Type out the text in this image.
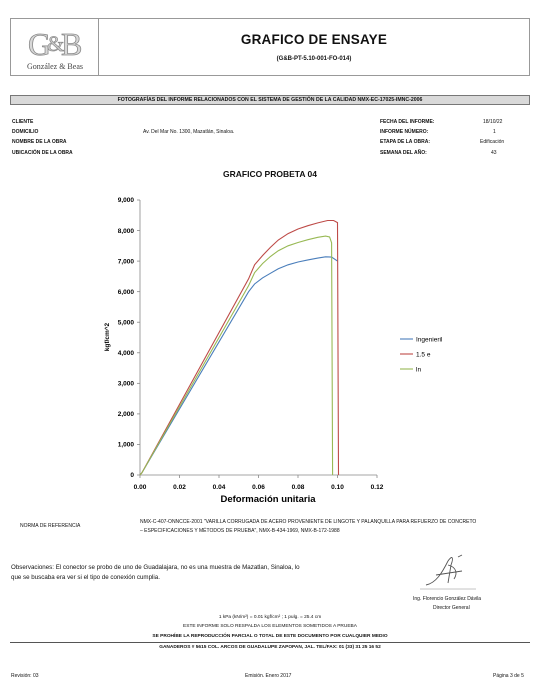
G
&
B
González & Beas
GRAFICO DE ENSAYE
(G&B-PT-5.10-001-FO-014)
FOTOGRAFÍAS DEL INFORME RELACIONADOS CON EL SISTEMA DE GESTIÓN DE LA CALIDAD NMX-EC-17025-IMNC-2006
CLIENTE
DOMICILIO	Av. Del Mar No. 1300, Mazatlán, Sinaloa.
NOMBRE DE LA OBRA
UBICACIÓN DE LA OBRA
FECHA DEL INFORME:	18/10/22
INFORME NÚMERO:	1
ETAPA DE LA OBRA:	Edificación
SEMANA DEL AÑO:	43
GRAFICO PROBETA 04
0
1,000
2,000
3,000
4,000
5,000
6,000
7,000
8,000
9,000
0.00	0.02	0.04	0.06	0.08	0.10	0.12
Ingenieril
1.5 e
ln
Deformación unitaria
kgf/cm^2
NORMA DE REFERENCIA
NMX-C-407-ONNCCE-2001 "VARILLA CORRUGADA DE ACERO PROVENIENTE DE LINGOTE Y PALANQUILLA PARA REFUERZO DE CONCRETO
– ESPECIFICACIONES Y MÉTODOS DE PRUEBA", NMX-B-434-1969, NMX-B-172-1988
Observaciones: El conector se probo de uno de Guadalajara, no es una muestra de Mazatlan, Sinaloa, lo
que se buscaba era ver si el tipo de conexión cumplia.
Ing. Florencio González Dávila
Director General
1 kPa (kN/m²) = 0.01 kgf/cm² ; 1 pulg. = 25.4 cm
ESTE INFORME SOLO RESPALDA LOS ELEMENTOS SOMETIDOS A PRUEBA
SE PROHÍBE LA REPRODUCCIÓN PARCIAL O TOTAL DE ESTE DOCUMENTO POR CUALQUIER MEDIO
GANADEROS # 5615 COL. ARCOS DE GUADALUPE ZAPOPAN, JAL. TEL/FAX: 01 (33) 31 25 16 52
Revisión: 03	Emisión. Enero 2017	Página 3 de 5
